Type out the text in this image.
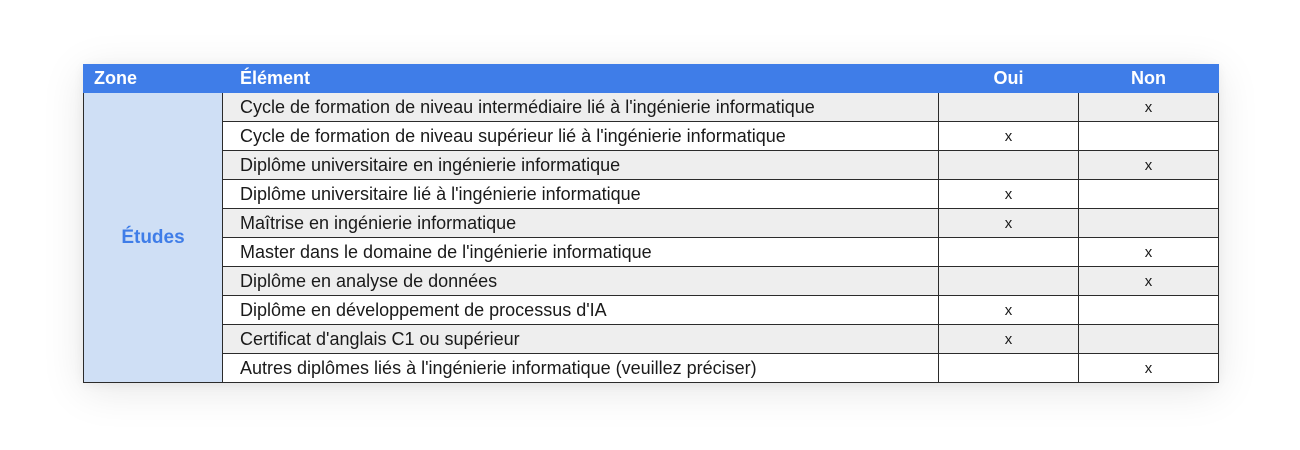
Zone	Élément	Oui	Non
Études	Cycle de formation de niveau intermédiaire lié à l'ingénierie informatique		x
	Cycle de formation de niveau supérieur lié à l'ingénierie informatique	x	
	Diplôme universitaire en ingénierie informatique		x
	Diplôme universitaire lié à l'ingénierie informatique	x	
	Maîtrise en ingénierie informatique	x	
	Master dans le domaine de l'ingénierie informatique		x
	Diplôme en analyse de données		x
	Diplôme en développement de processus d'IA	x	
	Certificat d'anglais C1 ou supérieur	x	
	Autres diplômes liés à l'ingénierie informatique (veuillez préciser)		x
